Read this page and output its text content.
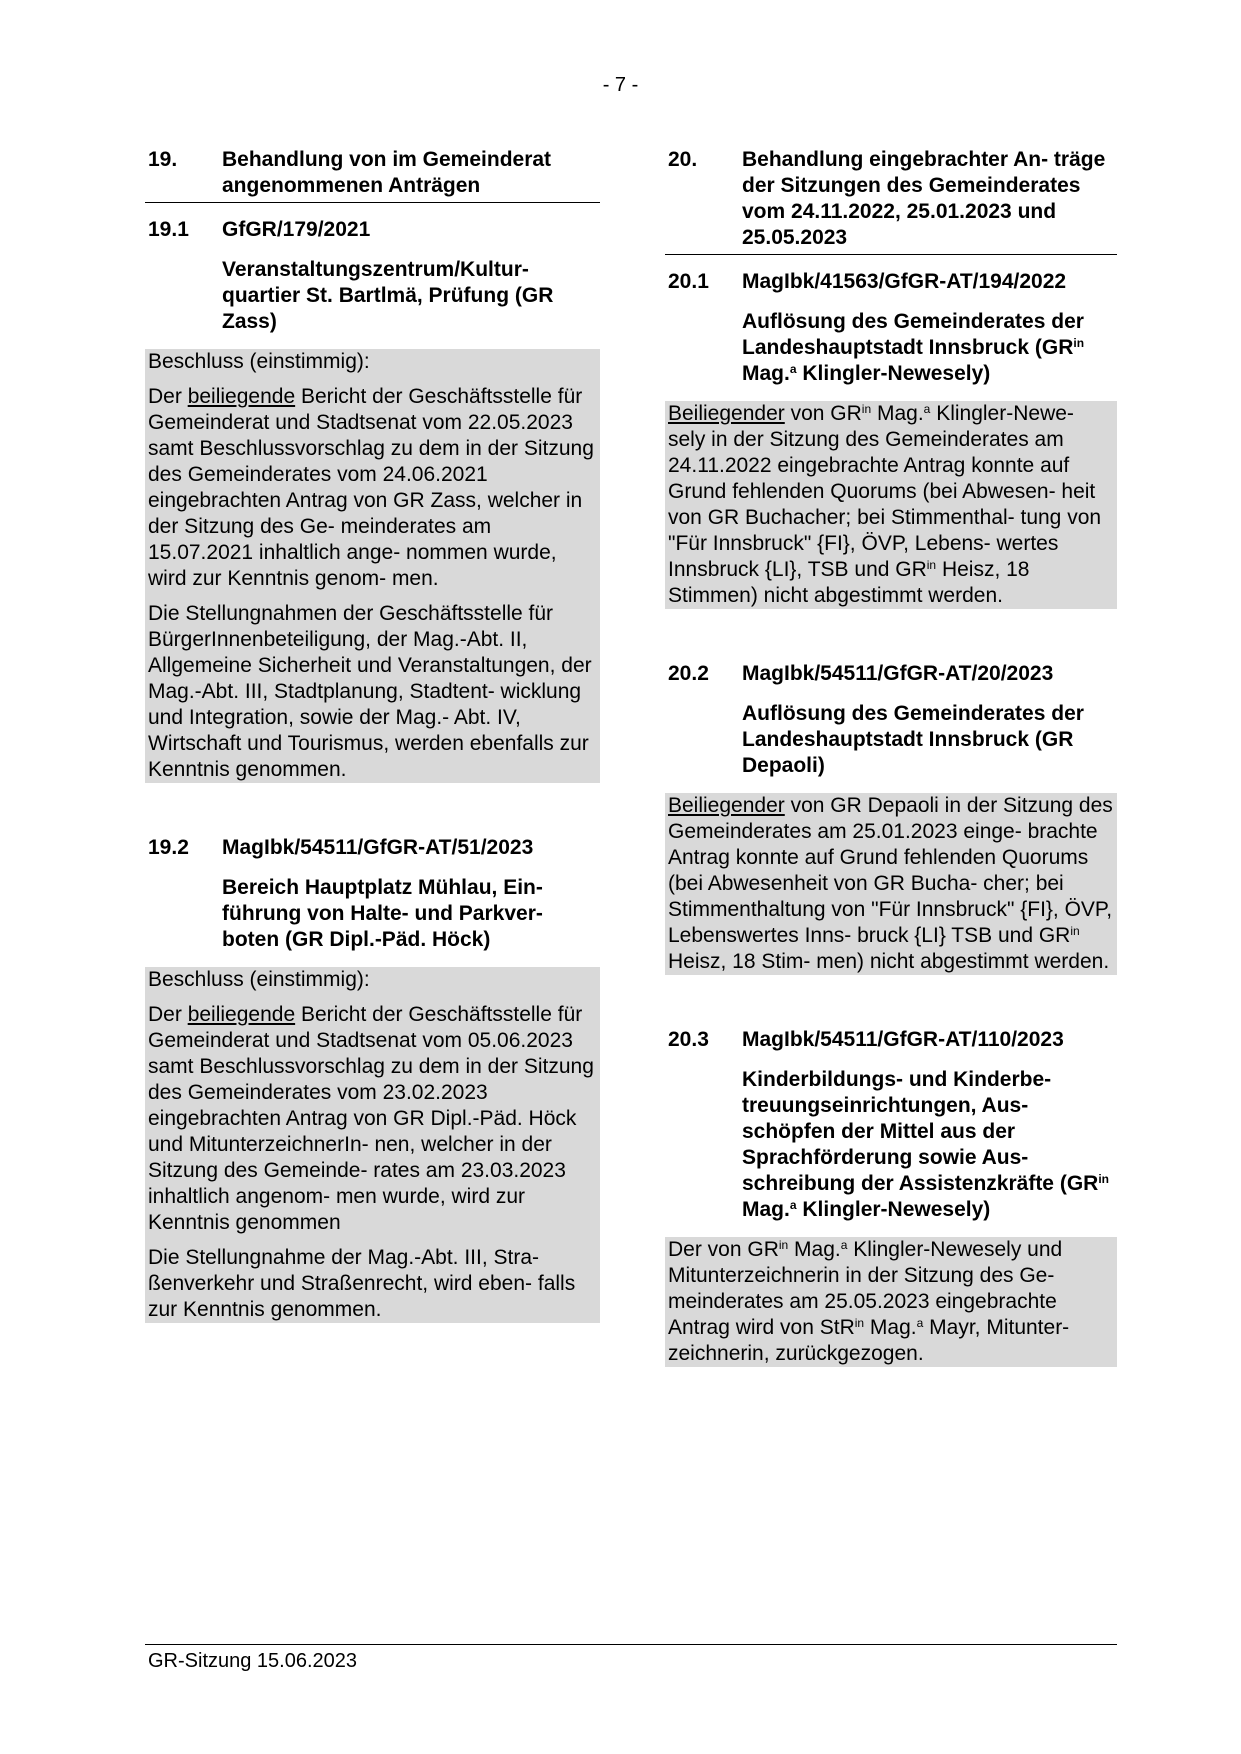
- 7 -
19.	Behandlung von im Gemeinderat angenommenen Anträgen
19.1	GfGR/179/2021
Veranstaltungszentrum/Kultur- quartier St. Bartlmä, Prüfung (GR Zass)

Beschluss (einstimmig):

Der beiliegende Bericht der Geschäftsstelle für Gemeinderat und Stadtsenat vom 22.05.2023 samt Beschlussvorschlag zu dem in der Sitzung des Gemeinderates vom 24.06.2021 eingebrachten Antrag von GR Zass, welcher in der Sitzung des Ge- meinderates am 15.07.2021 inhaltlich ange- nommen wurde, wird zur Kenntnis genom- men.

Die Stellungnahmen der Geschäftsstelle für BürgerInnenbeteiligung, der Mag.-Abt. II, Allgemeine Sicherheit und Veranstaltungen, der Mag.-Abt. III, Stadtplanung, Stadtent- wicklung und Integration, sowie der Mag.- Abt. IV, Wirtschaft und Tourismus, werden ebenfalls zur Kenntnis genommen.

19.2	MagIbk/54511/GfGR-AT/51/2023
Bereich Hauptplatz Mühlau, Ein- führung von Halte- und Parkver- boten (GR Dipl.-Päd. Höck)

Beschluss (einstimmig):

Der beiliegende Bericht der Geschäftsstelle für Gemeinderat und Stadtsenat vom 05.06.2023 samt Beschlussvorschlag zu dem in der Sitzung des Gemeinderates vom 23.02.2023 eingebrachten Antrag von GR Dipl.-Päd. Höck und MitunterzeichnerIn- nen, welcher in der Sitzung des Gemeinde- rates am 23.03.2023 inhaltlich angenom- men wurde, wird zur Kenntnis genommen

Die Stellungnahme der Mag.-Abt. III, Stra- ßenverkehr und Straßenrecht, wird eben- falls zur Kenntnis genommen.

20.	Behandlung eingebrachter An- träge der Sitzungen des Gemeinderates vom 24.11.2022, 25.01.2023 und 25.05.2023
20.1	MagIbk/41563/GfGR-AT/194/2022
Auflösung des Gemeinderates der Landeshauptstadt Innsbruck ($GR^{in}$ Mag.$^a$ Klingler-Newesely)

Beiliegender von $GR^{in}$ Mag.$^a$ Klingler-Newe- sely in der Sitzung des Gemeinderates am 24.11.2022 eingebrachte Antrag konnte auf Grund fehlenden Quorums (bei Abwesen- heit von GR Buchacher; bei Stimmenthal- tung von "Für Innsbruck" {FI}, ÖVP, Lebens- wertes Innsbruck {LI}, TSB und $GR^{in}$ Heisz, 18 Stimmen) nicht abgestimmt werden.

20.2	MagIbk/54511/GfGR-AT/20/2023
Auflösung des Gemeinderates der Landeshauptstadt Innsbruck (GR Depaoli)

Beiliegender von GR Depaoli in der Sitzung des Gemeinderates am 25.01.2023 einge- brachte Antrag konnte auf Grund fehlenden Quorums (bei Abwesenheit von GR Bucha- cher; bei Stimmenthaltung von "Für Innsbruck" {FI}, ÖVP, Lebenswertes Inns- bruck {LI} TSB und $GR^{in}$ Heisz, 18 Stim- men) nicht abgestimmt werden.

20.3	MagIbk/54511/GfGR-AT/110/2023
Kinderbildungs- und Kinderbe- treuungseinrichtungen, Aus- schöpfen der Mittel aus der Sprachförderung sowie Aus- schreibung der Assistenzkräfte ($GR^{in}$ Mag.$^a$ Klingler-Newesely)

Der von $GR^{in}$ Mag.$^a$ Klingler-Newesely und Mitunterzeichnerin in der Sitzung des Ge- meinderates am 25.05.2023 eingebrachte Antrag wird von StR$^{in}$ Mag.$^a$ Mayr, Mitunter- zeichnerin, zurückgezogen.

GR-Sitzung 15.06.2023
